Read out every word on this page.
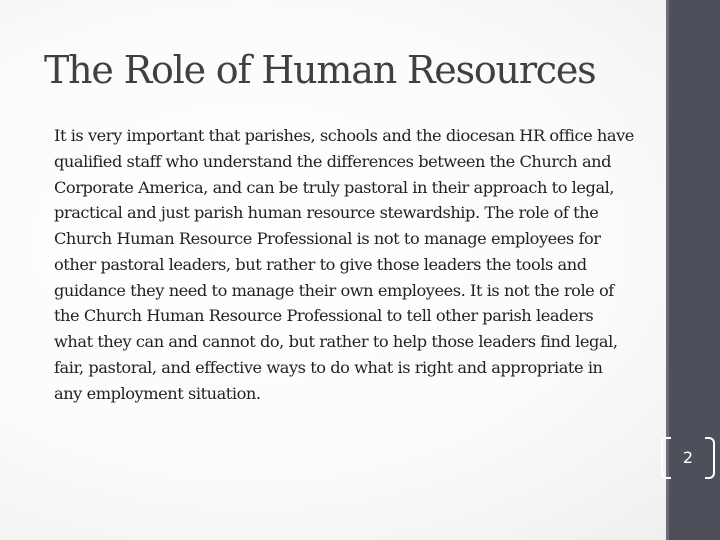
The Role of Human Resources

It is very important that parishes, schools and the diocesan HR office have qualified staff who understand the differences between the Church and Corporate America, and can be truly pastoral in their approach to legal, practical and just parish human resource stewardship. The role of the Church Human Resource Professional is not to manage employees for other pastoral leaders, but rather to give those leaders the tools and guidance they need to manage their own employees. It is not the role of the Church Human Resource Professional to tell other parish leaders what they can and cannot do, but rather to help those leaders find legal, fair, pastoral, and effective ways to do what is right and appropriate in any employment situation.

2
